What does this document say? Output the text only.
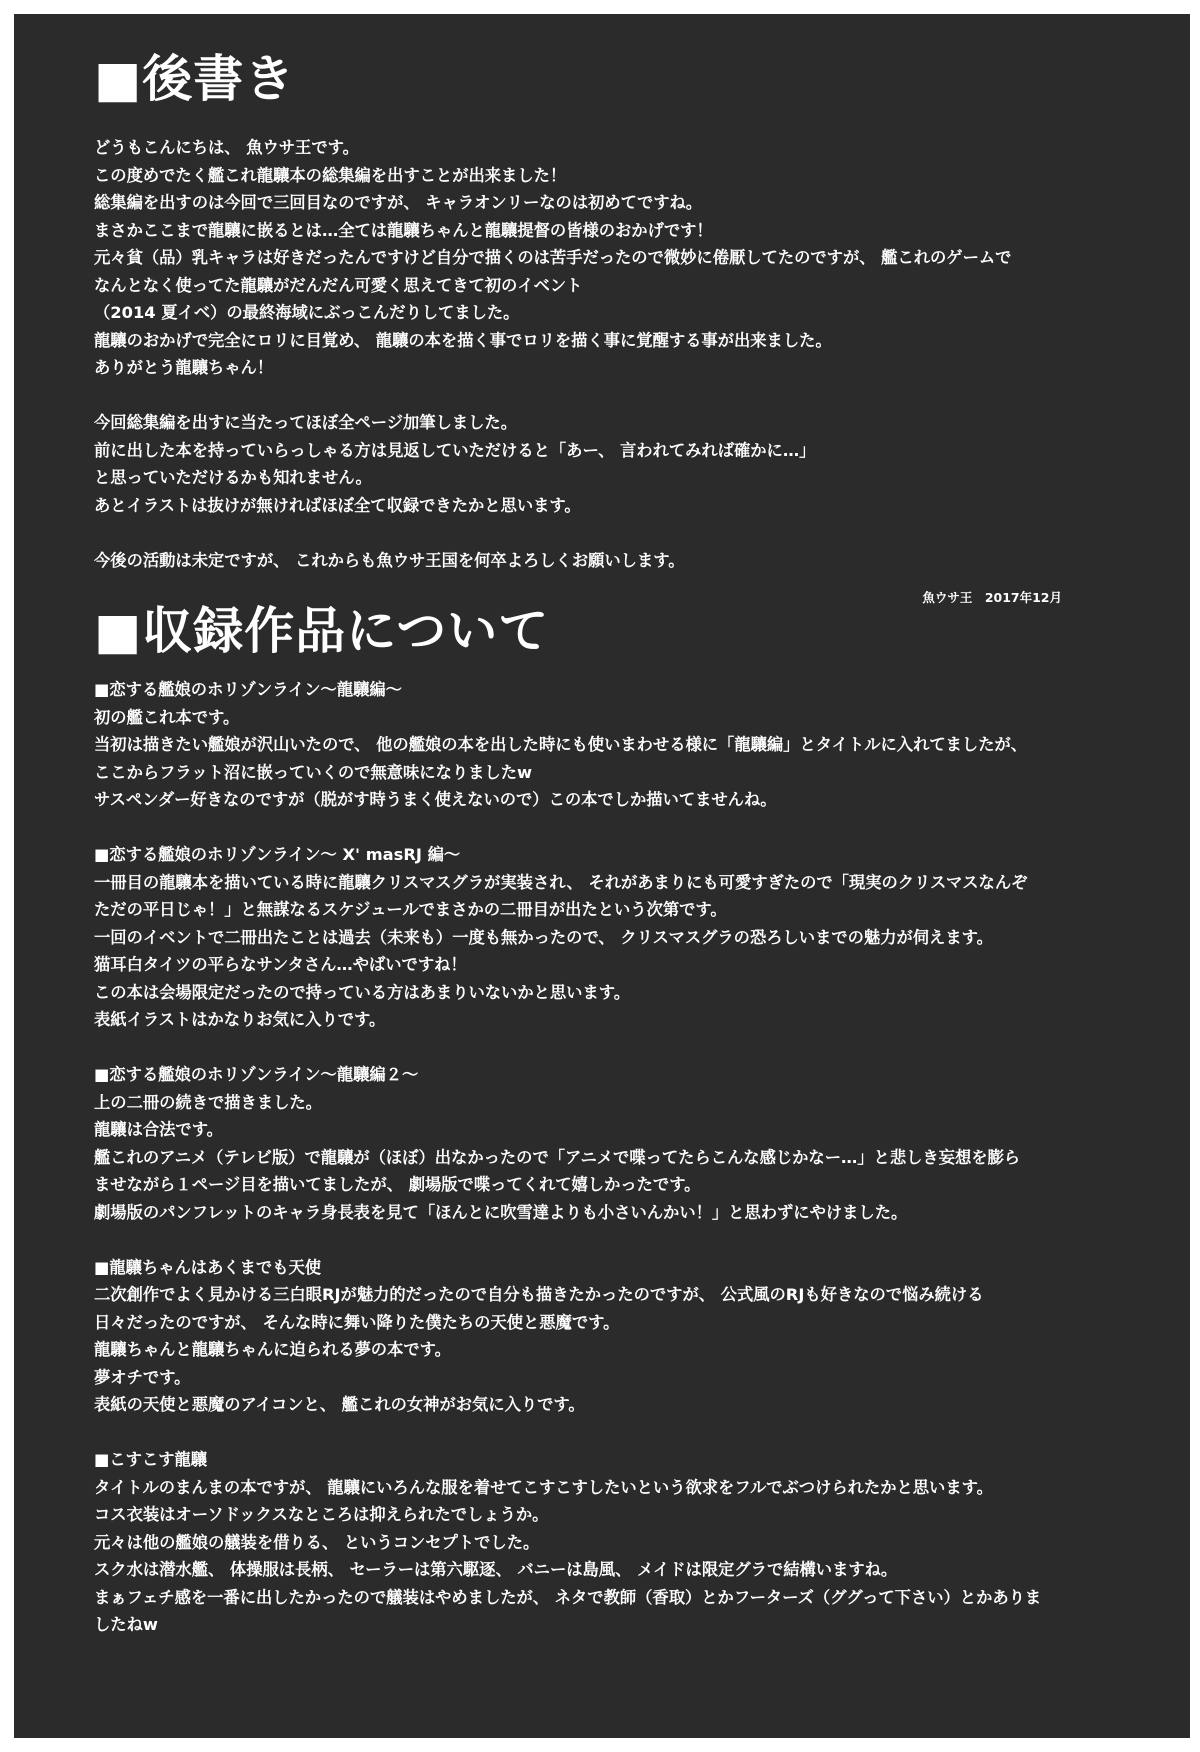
■後書き

どうもこんにちは、 魚ウサ王です。

この度めでたく艦これ龍驤本の総集編を出すことが出来ました！

総集編を出すのは今回で三回目なのですが、 キャラオンリーなのは初めてですね。

まさかここまで龍驤に嵌るとは…全ては龍驤ちゃんと龍驤提督の皆様のおかげです！

元々貧（品）乳キャラは好きだったんですけど自分で描くのは苦手だったので微妙に倦厭してたのですが、 艦これのゲームで

なんとなく使ってた龍驤がだんだん可愛く思えてきて初のイベント

（2014 夏イベ）の最終海域にぶっこんだりしてました。

龍驤のおかげで完全にロリに目覚め、 龍驤の本を描く事でロリを描く事に覚醒する事が出来ました。

ありがとう龍驤ちゃん！

今回総集編を出すに当たってほぼ全ページ加筆しました。

前に出した本を持っていらっしゃる方は見返していただけると「あー、 言われてみれば確かに…」

と思っていただけるかも知れません。

あとイラストは抜けが無ければほぼ全て収録できたかと思います。

今後の活動は未定ですが、 これからも魚ウサ王国を何卒よろしくお願いします。

魚ウサ王　2017年12月
■収録作品について

■恋する艦娘のホリゾンライン～龍驤編～

初の艦これ本です。

当初は描きたい艦娘が沢山いたので、 他の艦娘の本を出した時にも使いまわせる様に「龍驤編」とタイトルに入れてましたが、

ここからフラット沼に嵌っていくので無意味になりましたw

サスペンダー好きなのですが（脱がす時うまく使えないので）この本でしか描いてませんね。

■恋する艦娘のホリゾンライン～ X' masRJ 編～

一冊目の龍驤本を描いている時に龍驤クリスマスグラが実装され、 それがあまりにも可愛すぎたので「現実のクリスマスなんぞ

ただの平日じゃ！」と無謀なるスケジュールでまさかの二冊目が出たという次第です。

一回のイベントで二冊出たことは過去（未来も）一度も無かったので、 クリスマスグラの恐ろしいまでの魅力が伺えます。

猫耳白タイツの平らなサンタさん…やばいですね！

この本は会場限定だったので持っている方はあまりいないかと思います。

表紙イラストはかなりお気に入りです。

■恋する艦娘のホリゾンライン～龍驤編２～

上の二冊の続きで描きました。

龍驤は合法です。

艦これのアニメ（テレビ版）で龍驤が（ほぼ）出なかったので「アニメで喋ってたらこんな感じかなー…」と悲しき妄想を膨ら

ませながら１ページ目を描いてましたが、 劇場版で喋ってくれて嬉しかったです。

劇場版のパンフレットのキャラ身長表を見て「ほんとに吹雪達よりも小さいんかい！」と思わずにやけました。

■龍驤ちゃんはあくまでも天使

二次創作でよく見かける三白眼RJが魅力的だったので自分も描きたかったのですが、 公式風のRJも好きなので悩み続ける

日々だったのですが、 そんな時に舞い降りた僕たちの天使と悪魔です。

龍驤ちゃんと龍驤ちゃんに迫られる夢の本です。

夢オチです。

表紙の天使と悪魔のアイコンと、 艦これの女神がお気に入りです。

■こすこす龍驤

タイトルのまんまの本ですが、 龍驤にいろんな服を着せてこすこすしたいという欲求をフルでぶつけられたかと思います。

コス衣装はオーソドックスなところは抑えられたでしょうか。

元々は他の艦娘の艤装を借りる、 というコンセプトでした。

スク水は潜水艦、 体操服は長柄、 セーラーは第六駆逐、 バニーは島風、 メイドは限定グラで結構いますね。

まぁフェチ感を一番に出したかったので艤装はやめましたが、 ネタで教師（香取）とかフーターズ（ググって下さい）とかありま

したねw
